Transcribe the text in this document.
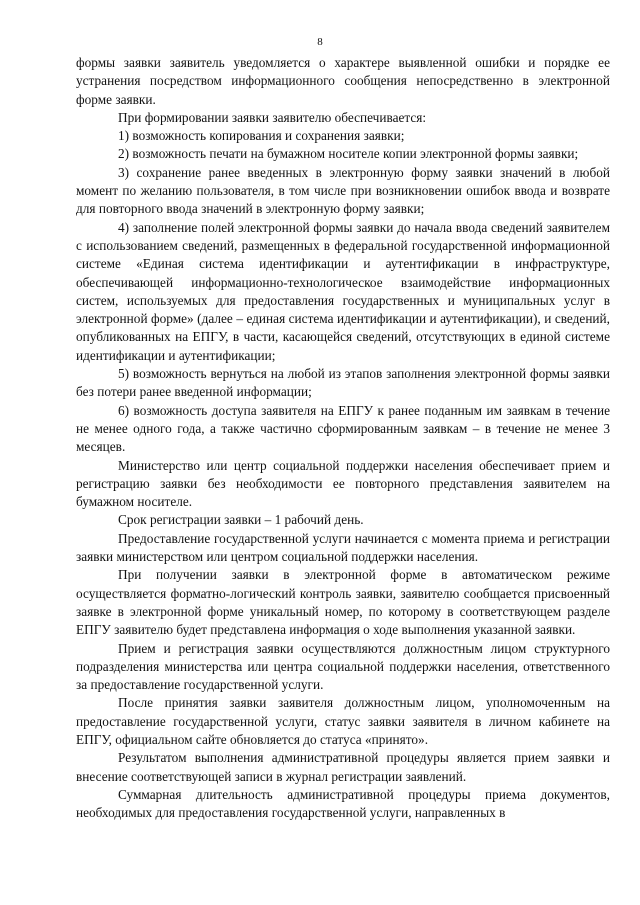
8

формы заявки заявитель уведомляется о характере выявленной ошибки и порядке ее устранения посредством информационного сообщения непосредственно в электронной форме заявки.

При формировании заявки заявителю обеспечивается:

1) возможность копирования и сохранения заявки;

2) возможность печати на бумажном носителе копии электронной формы заявки;

3) сохранение ранее введенных в электронную форму заявки значений в любой момент по желанию пользователя, в том числе при возникновении ошибок ввода и возврате для повторного ввода значений в электронную форму заявки;

4) заполнение полей электронной формы заявки до начала ввода сведений заявителем с использованием сведений, размещенных в федеральной государственной информационной системе «Единая система идентификации и аутентификации в инфраструктуре, обеспечивающей информационно-технологическое взаимодействие информационных систем, используемых для предоставления государственных и муниципальных услуг в электронной форме» (далее – единая система идентификации и аутентификации), и сведений, опубликованных на ЕПГУ, в части, касающейся сведений, отсутствующих в единой системе идентификации и аутентификации;

5) возможность вернуться на любой из этапов заполнения электронной формы заявки без потери ранее введенной информации;

6) возможность доступа заявителя на ЕПГУ к ранее поданным им заявкам в течение не менее одного года, а также частично сформированным заявкам – в течение не менее 3 месяцев.

Министерство или центр социальной поддержки населения обеспечивает прием и регистрацию заявки без необходимости ее повторного представления заявителем на бумажном носителе.

Срок регистрации заявки – 1 рабочий день.

Предоставление государственной услуги начинается с момента приема и регистрации заявки министерством или центром социальной поддержки населения.

При получении заявки в электронной форме в автоматическом режиме осуществляется форматно-логический контроль заявки, заявителю сообщается присвоенный заявке в электронной форме уникальный номер, по которому в соответствующем разделе ЕПГУ заявителю будет представлена информация о ходе выполнения указанной заявки.

Прием и регистрация заявки осуществляются должностным лицом структурного подразделения министерства или центра социальной поддержки населения, ответственного за предоставление государственной услуги.

После принятия заявки заявителя должностным лицом, уполномоченным на предоставление государственной услуги, статус заявки заявителя в личном кабинете на ЕПГУ, официальном сайте обновляется до статуса «принято».

Результатом выполнения административной процедуры является прием заявки и внесение соответствующей записи в журнал регистрации заявлений.

Суммарная длительность административной процедуры приема документов, необходимых для предоставления государственной услуги, направленных в
